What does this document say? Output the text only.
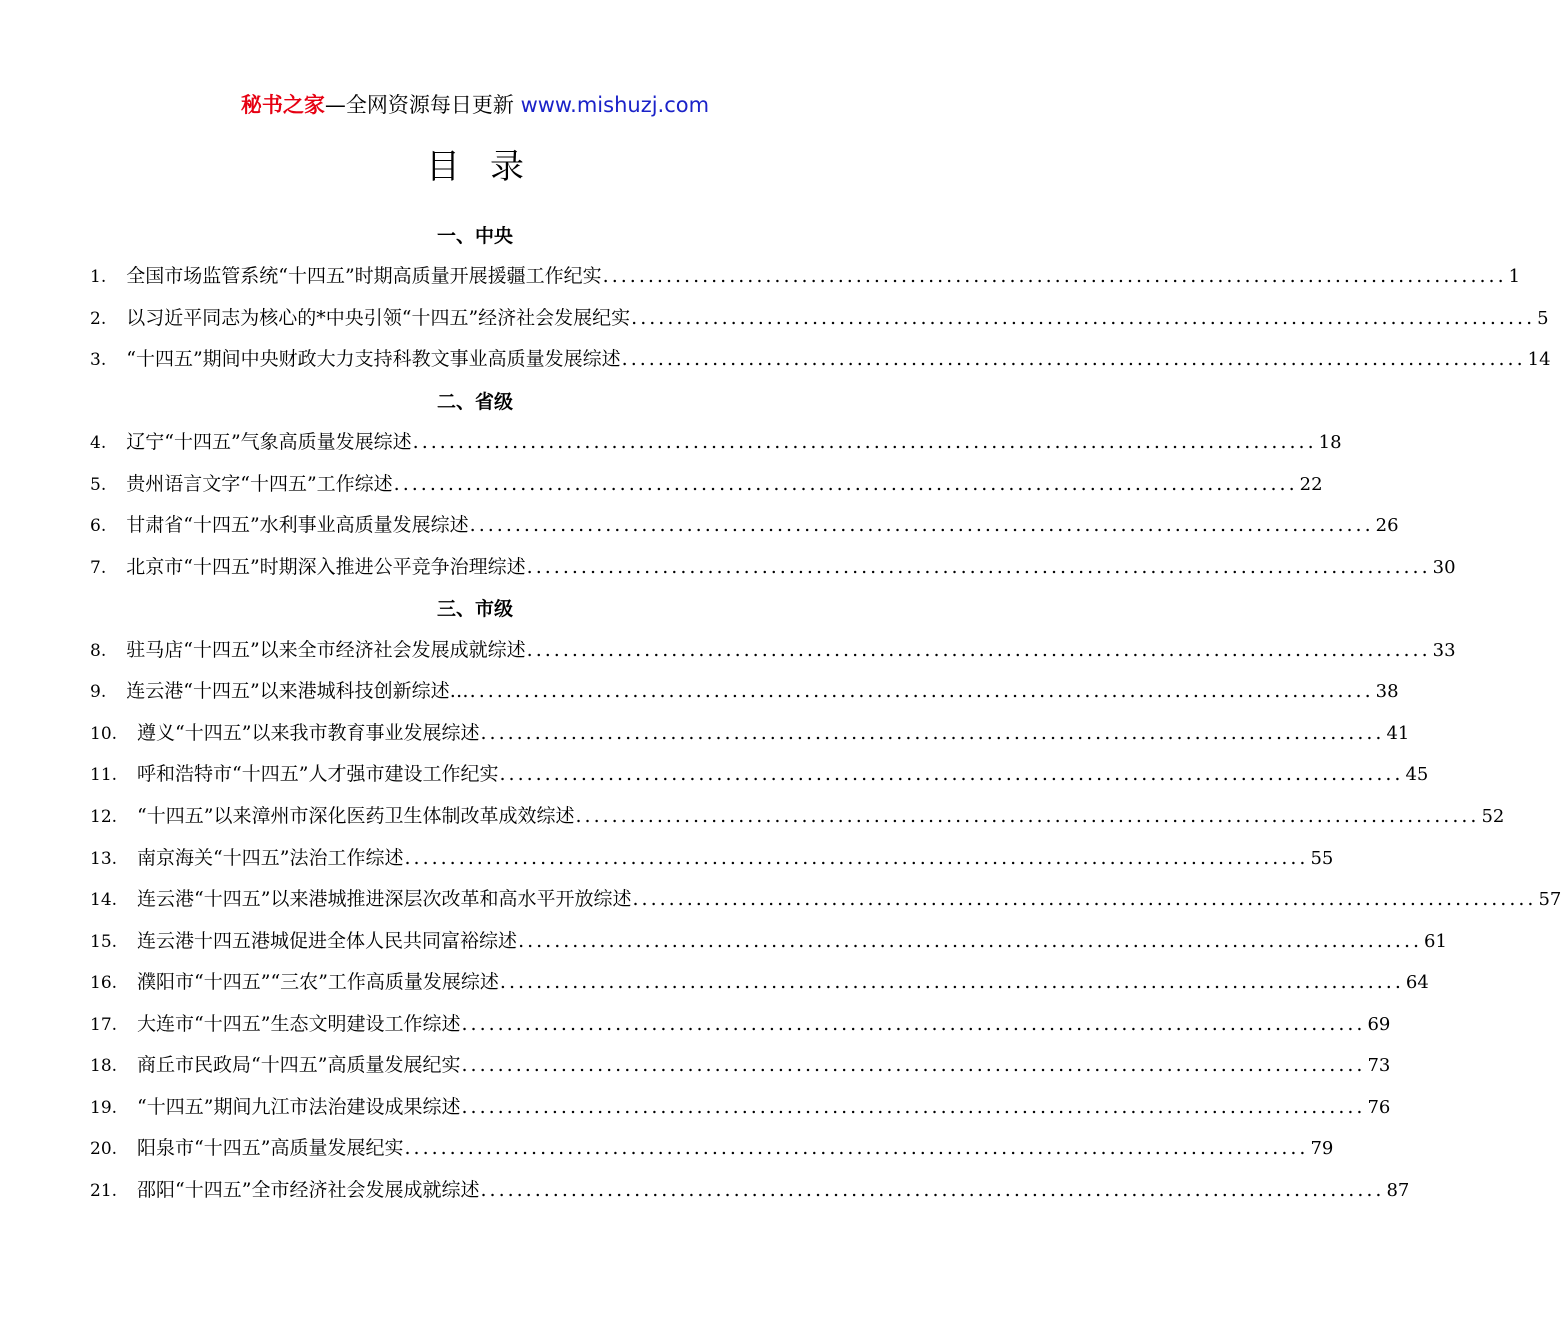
秘书之家—全网资源每日更新 www.mishuzj.com
目录
一、中央
1.	全国市场监管系统“十四五”时期高质量开展援疆工作纪实 .................................................................................................... 1
2.	以习近平同志为核心的*中央引领“十四五”经济社会发展纪实 .................................................................................................... 5
3.	“十四五”期间中央财政大力支持科教文事业高质量发展综述 .................................................................................................... 14
二、省级
4.	辽宁“十四五”气象高质量发展综述 .................................................................................................... 18
5.	贵州语言文字“十四五”工作综述 .................................................................................................... 22
6.	甘肃省“十四五”水利事业高质量发展综述 .................................................................................................... 26
7.	北京市“十四五”时期深入推进公平竞争治理综述 .................................................................................................... 30
三、市级
8.	驻马店“十四五”以来全市经济社会发展成就综述 .................................................................................................... 33
9.	连云港“十四五”以来港城科技创新综述… .................................................................................................... 38
10.	遵义“十四五”以来我市教育事业发展综述 .................................................................................................... 41
11.	呼和浩特市“十四五”人才强市建设工作纪实 .................................................................................................... 45
12.	“十四五”以来漳州市深化医药卫生体制改革成效综述 .................................................................................................... 52
13.	南京海关“十四五”法治工作综述 .................................................................................................... 55
14.	连云港“十四五”以来港城推进深层次改革和高水平开放综述 .................................................................................................... 57
15.	连云港十四五港城促进全体人民共同富裕综述 .................................................................................................... 61
16.	濮阳市“十四五”“三农”工作高质量发展综述 .................................................................................................... 64
17.	大连市“十四五”生态文明建设工作综述 .................................................................................................... 69
18.	商丘市民政局“十四五”高质量发展纪实 .................................................................................................... 73
19.	“十四五”期间九江市法治建设成果综述 .................................................................................................... 76
20.	阳泉市“十四五”高质量发展纪实 .................................................................................................... 79
21.	邵阳“十四五”全市经济社会发展成就综述 .................................................................................................... 87
